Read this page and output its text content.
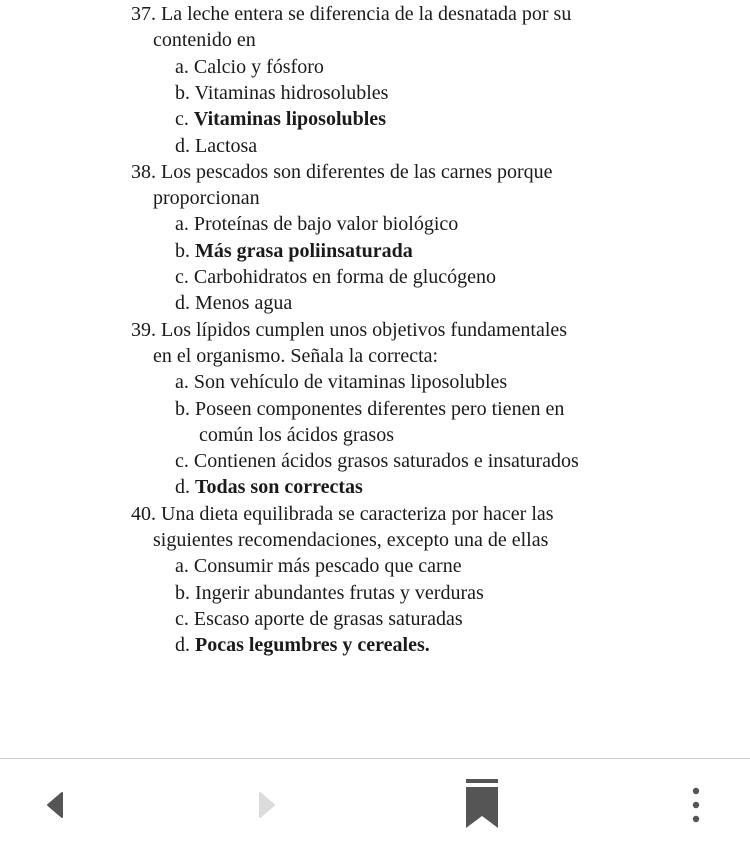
37. La leche entera se diferencia de la desnatada por su
contenido en
a. Calcio y fósforo
b. Vitaminas hidrosolubles
c. Vitaminas liposolubles
d. Lactosa
38. Los pescados son diferentes de las carnes porque
proporcionan
a. Proteínas de bajo valor biológico
b. Más grasa poliinsaturada
c. Carbohidratos en forma de glucógeno
d. Menos agua
39. Los lípidos cumplen unos objetivos fundamentales
en el organismo. Señala la correcta:
a. Son vehículo de vitaminas liposolubles
b. Poseen componentes diferentes pero tienen en
común los ácidos grasos
c. Contienen ácidos grasos saturados e insaturados
d. Todas son correctas
40. Una dieta equilibrada se caracteriza por hacer las
siguientes recomendaciones, excepto una de ellas
a. Consumir más pescado que carne
b. Ingerir abundantes frutas y verduras
c. Escaso aporte de grasas saturadas
d. Pocas legumbres y cereales.
